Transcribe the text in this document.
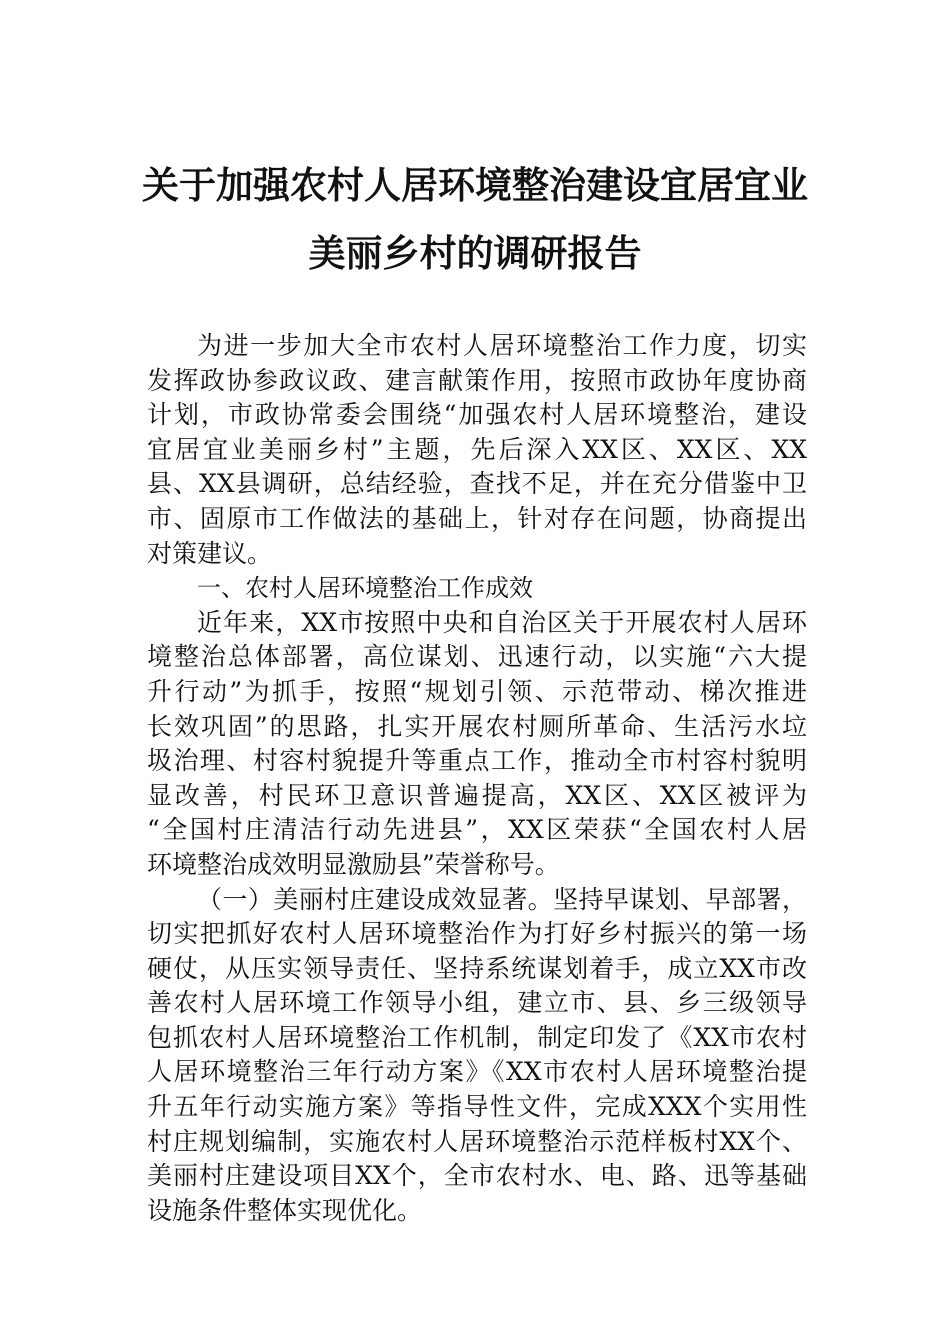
关于加强农村人居环境整治建设宜居宜业
美丽乡村的调研报告
为进一步加大全市农村人居环境整治工作力度，切实
发挥政协参政议政、建言献策作用，按照市政协年度协商
计划，市政协常委会围绕“加强农村人居环境整治，建设
宜居宜业美丽乡村”主题，先后深入XX区、XX区、XX
县、XX县调研，总结经验，查找不足，并在充分借鉴中卫
市、固原市工作做法的基础上，针对存在问题，协商提出
对策建议。
一、农村人居环境整治工作成效
近年来，XX市按照中央和自治区关于开展农村人居环
境整治总体部署，高位谋划、迅速行动，以实施“六大提
升行动”为抓手，按照“规划引领、示范带动、梯次推进
长效巩固”的思路，扎实开展农村厕所革命、生活污水垃
圾治理、村容村貌提升等重点工作，推动全市村容村貌明
显改善，村民环卫意识普遍提高，XX区、XX区被评为
“全国村庄清洁行动先进县”，XX区荣获“全国农村人居
环境整治成效明显激励县”荣誉称号。
（一）美丽村庄建设成效显著。坚持早谋划、早部署，
切实把抓好农村人居环境整治作为打好乡村振兴的第一场
硬仗，从压实领导责任、坚持系统谋划着手，成立XX市改
善农村人居环境工作领导小组，建立市、县、乡三级领导
包抓农村人居环境整治工作机制，制定印发了《XX市农村
人居环境整治三年行动方案》《XX市农村人居环境整治提
升五年行动实施方案》等指导性文件，完成XXX个实用性
村庄规划编制，实施农村人居环境整治示范样板村XX个、
美丽村庄建设项目XX个，全市农村水、电、路、迅等基础
设施条件整体实现优化。
